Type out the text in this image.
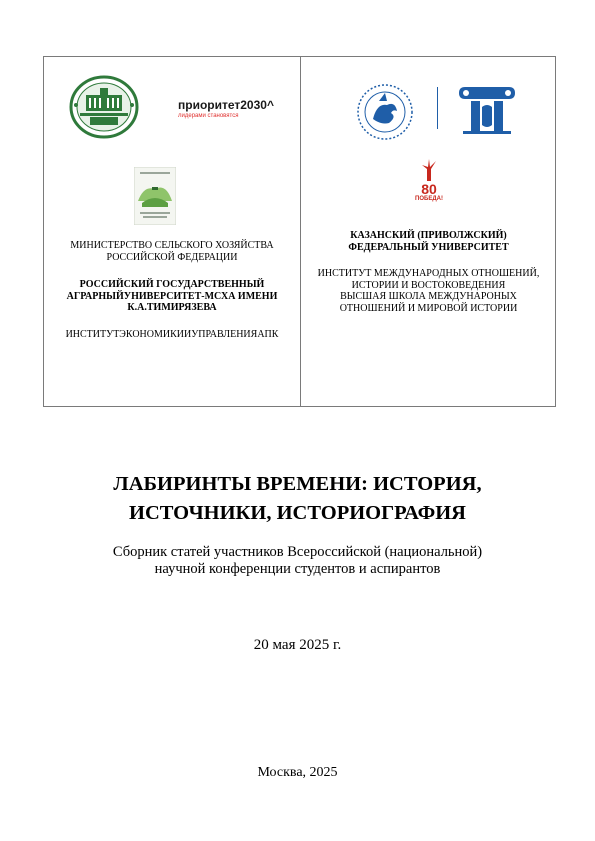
приоритет2030^
лидерами становятся
МИНИСТЕРСТВО СЕЛЬСКОГО ХОЗЯЙСТВА
РОССИЙСКОЙ ФЕДЕРАЦИИ
РОССИЙСКИЙ ГОСУДАРСТВЕННЫЙ
АГРАРНЫЙУНИВЕРСИТЕТ-МСХА ИМЕНИ
К.А.ТИМИРЯЗЕВА
ИНСТИТУТЭКОНОМИКИИУПРАВЛЕНИЯАПК
80
ПОБЕДА!
КАЗАНСКИЙ (ПРИВОЛЖСКИЙ)
ФЕДЕРАЛЬНЫЙ УНИВЕРСИТЕТ
ИНСТИТУТ МЕЖДУНАРОДНЫХ ОТНОШЕНИЙ,
ИСТОРИИ И ВОСТОКОВЕДЕНИЯ
ВЫСШАЯ ШКОЛА МЕЖДУНАРОНЫХ
ОТНОШЕНИЙ И МИРОВОЙ ИСТОРИИ
ЛАБИРИНТЫ ВРЕМЕНИ: ИСТОРИЯ,
ИСТОЧНИКИ, ИСТОРИОГРАФИЯ
Сборник статей участников Всероссийской (национальной)
научной конференции студентов и аспирантов
20 мая 2025 г.
Москва, 2025
